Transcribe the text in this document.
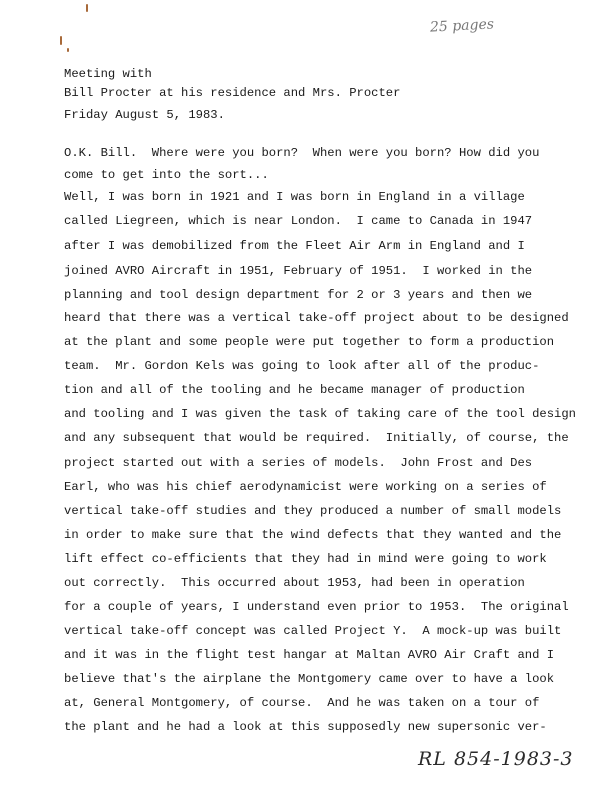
25 pages
Meeting with
Bill Procter at his residence and Mrs. Procter
Friday August 5, 1983.
O.K. Bill.  Where were you born?  When were you born? How did you
come to get into the sort...
Well, I was born in 1921 and I was born in England in a village
called Liegreen, which is near London.  I came to Canada in 1947
after I was demobilized from the Fleet Air Arm in England and I
joined AVRO Aircraft in 1951, February of 1951.  I worked in the
planning and tool design department for 2 or 3 years and then we
heard that there was a vertical take-off project about to be designed
at the plant and some people were put together to form a production
team.  Mr. Gordon Kels was going to look after all of the produc-
tion and all of the tooling and he became manager of production
and tooling and I was given the task of taking care of the tool design
and any subsequent that would be required.  Initially, of course, the
project started out with a series of models.  John Frost and Des
Earl, who was his chief aerodynamicist were working on a series of
vertical take-off studies and they produced a number of small models
in order to make sure that the wind defects that they wanted and the
lift effect co-efficients that they had in mind were going to work
out correctly.  This occurred about 1953, had been in operation
for a couple of years, I understand even prior to 1953.  The original
vertical take-off concept was called Project Y.  A mock-up was built
and it was in the flight test hangar at Maltan AVRO Air Craft and I
believe that's the airplane the Montgomery came over to have a look
at, General Montgomery, of course.  And he was taken on a tour of
the plant and he had a look at this supposedly new supersonic ver-
RL 854-1983-3
